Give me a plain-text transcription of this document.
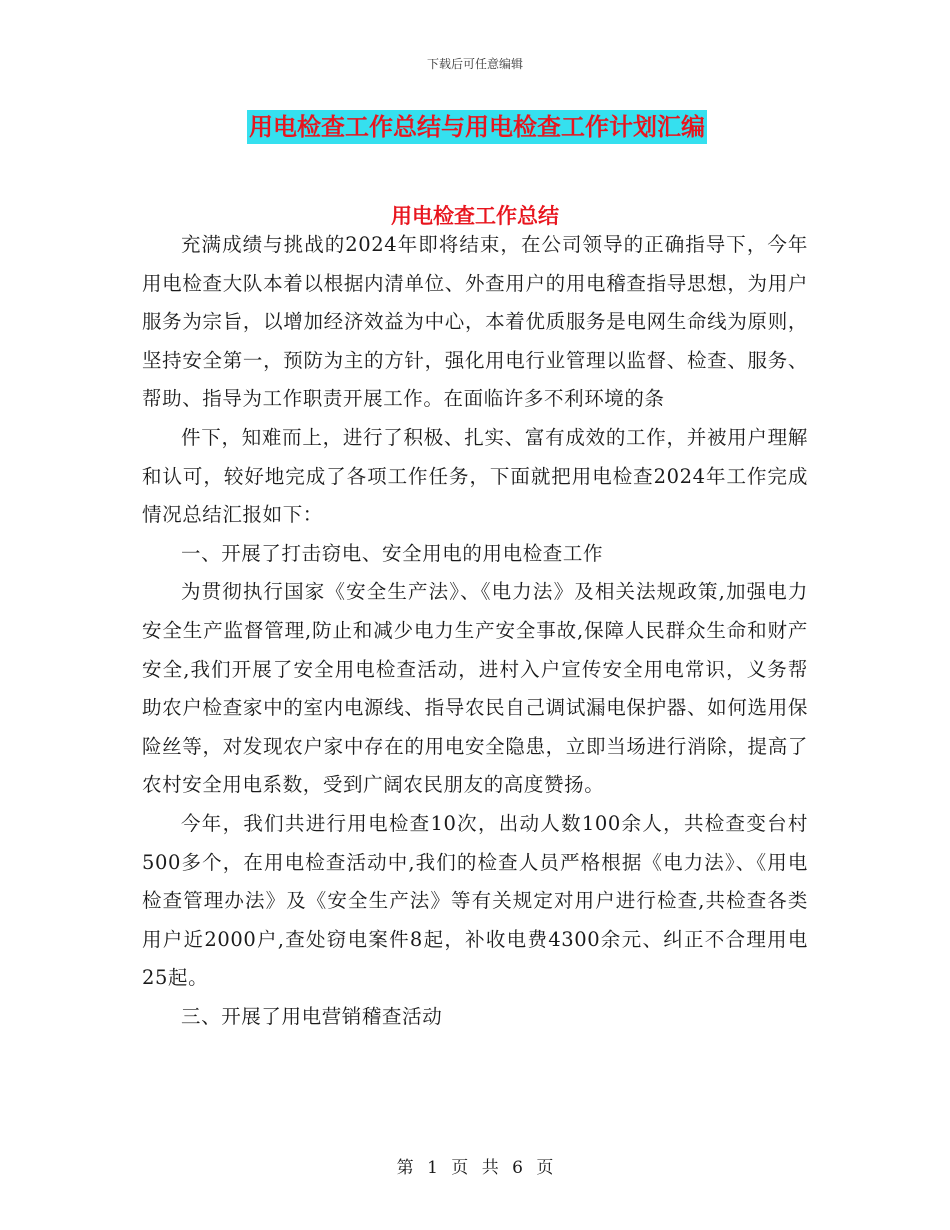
下载后可任意编辑
用电检查工作总结与用电检查工作计划汇编
用电检查工作总结

充满成绩与挑战的2024年即将结束，在公司领导的正确指导下，今年用电检查大队本着以根据内清单位、外查用户的用电稽查指导思想，为用户服务为宗旨，以增加经济效益为中心，本着优质服务是电网生命线为原则，坚持安全第一，预防为主的方针，强化用电行业管理以监督、检查、服务、帮助、指导为工作职责开展工作。在面临许多不利环境的条

件下，知难而上，进行了积极、扎实、富有成效的工作，并被用户理解和认可，较好地完成了各项工作任务，下面就把用电检查2024年工作完成情况总结汇报如下：

一、开展了打击窃电、安全用电的用电检查工作

为贯彻执行国家《安全生产法》、《电力法》及相关法规政策,加强电力安全生产监督管理,防止和减少电力生产安全事故,保障人民群众生命和财产安全,我们开展了安全用电检查活动，进村入户宣传安全用电常识，义务帮助农户检查家中的室内电源线、指导农民自己调试漏电保护器、如何选用保险丝等，对发现农户家中存在的用电安全隐患，立即当场进行消除，提高了农村安全用电系数，受到广阔农民朋友的高度赞扬。

今年，我们共进行用电检查10次，出动人数100余人，共检查变台村500多个，在用电检查活动中,我们的检查人员严格根据《电力法》、《用电检查管理办法》及《安全生产法》等有关规定对用户进行检查,共检查各类用户近2000户,查处窃电案件8起，补收电费4300余元、纠正不合理用电25起。

三、开展了用电营销稽查活动

第 1 页 共 6 页
